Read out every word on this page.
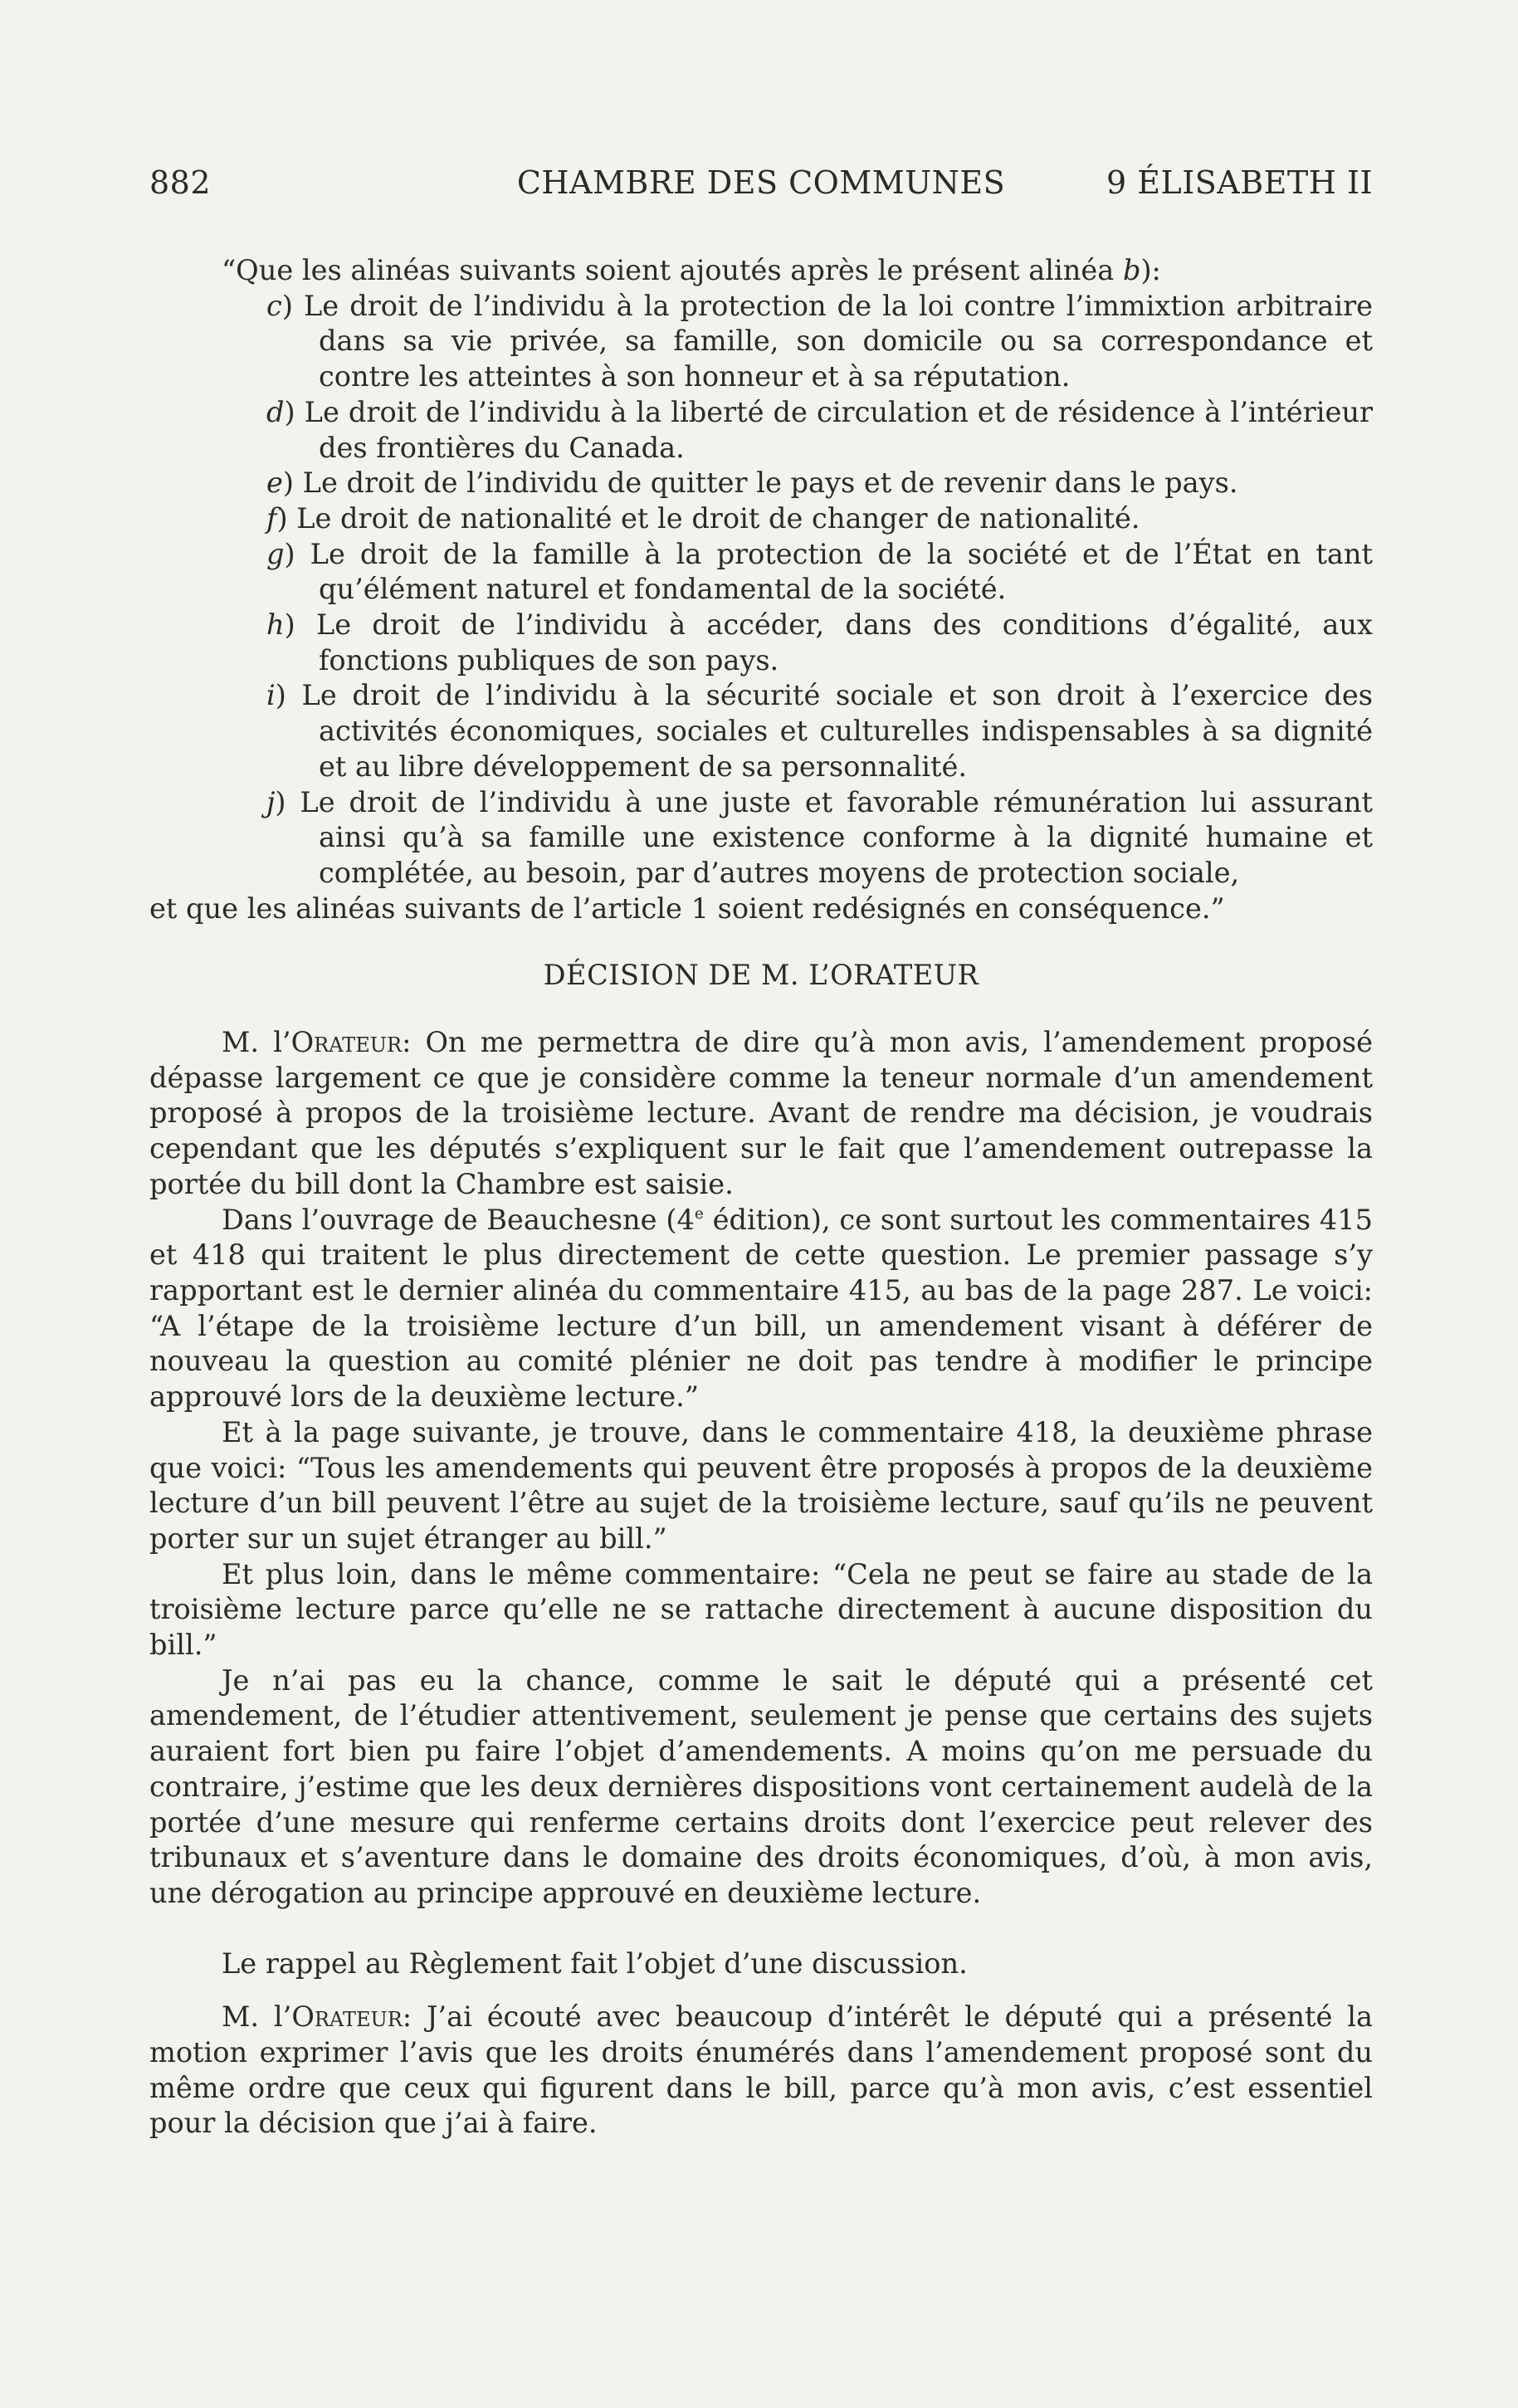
882	CHAMBRE DES COMMUNES	9 ÉLISABETH II

“Que les alinéas suivants soient ajoutés après le présent alinéa b):

c) Le droit de l’individu à la protection de la loi contre l’immixtion arbitraire dans sa vie privée, sa famille, son domicile ou sa correspondance et contre les atteintes à son honneur et à sa réputation.

d) Le droit de l’individu à la liberté de circulation et de résidence à l’intérieur des frontières du Canada.

e) Le droit de l’individu de quitter le pays et de revenir dans le pays.

f) Le droit de nationalité et le droit de changer de nationalité.

g) Le droit de la famille à la protection de la société et de l’État en tant qu’élément naturel et fondamental de la société.

h) Le droit de l’individu à accéder, dans des conditions d’égalité, aux fonctions publiques de son pays.

i) Le droit de l’individu à la sécurité sociale et son droit à l’exercice des activités économiques, sociales et culturelles indispensables à sa dignité et au libre développement de sa personnalité.

j) Le droit de l’individu à une juste et favorable rémunération lui assurant ainsi qu’à sa famille une existence conforme à la dignité humaine et complétée, au besoin, par d’autres moyens de protection sociale,

et que les alinéas suivants de l’article 1 soient redésignés en conséquence.”

DÉCISION DE M. L’ORATEUR

M. l’Orateur: On me permettra de dire qu’à mon avis, l’amendement proposé dépasse largement ce que je considère comme la teneur normale d’un amendement proposé à propos de la troisième lecture. Avant de rendre ma décision, je voudrais cependant que les députés s’expliquent sur le fait que l’amendement outrepasse la portée du bill dont la Chambre est saisie.

Dans l’ouvrage de Beauchesne (4e édition), ce sont surtout les commentaires 415 et 418 qui traitent le plus directement de cette question. Le premier passage s’y rapportant est le dernier alinéa du commentaire 415, au bas de la page 287. Le voici: “A l’étape de la troisième lecture d’un bill, un amendement visant à déférer de nouveau la question au comité plénier ne doit pas tendre à modifier le principe approuvé lors de la deuxième lecture.”

Et à la page suivante, je trouve, dans le commentaire 418, la deuxième phrase que voici: “Tous les amendements qui peuvent être proposés à propos de la deuxième lecture d’un bill peuvent l’être au sujet de la troisième lecture, sauf qu’ils ne peuvent porter sur un sujet étranger au bill.”

Et plus loin, dans le même commentaire: “Cela ne peut se faire au stade de la troisième lecture parce qu’elle ne se rattache directement à aucune disposition du bill.”

Je n’ai pas eu la chance, comme le sait le député qui a présenté cet amendement, de l’étudier attentivement, seulement je pense que certains des sujets auraient fort bien pu faire l’objet d’amendements. A moins qu’on me persuade du contraire, j’estime que les deux dernières dispositions vont certainement audelà de la portée d’une mesure qui renferme certains droits dont l’exercice peut relever des tribunaux et s’aventure dans le domaine des droits économiques, d’où, à mon avis, une dérogation au principe approuvé en deuxième lecture.

Le rappel au Règlement fait l’objet d’une discussion.

M. l’Orateur: J’ai écouté avec beaucoup d’intérêt le député qui a présenté la motion exprimer l’avis que les droits énumérés dans l’amendement proposé sont du même ordre que ceux qui figurent dans le bill, parce qu’à mon avis, c’est essentiel pour la décision que j’ai à faire.
